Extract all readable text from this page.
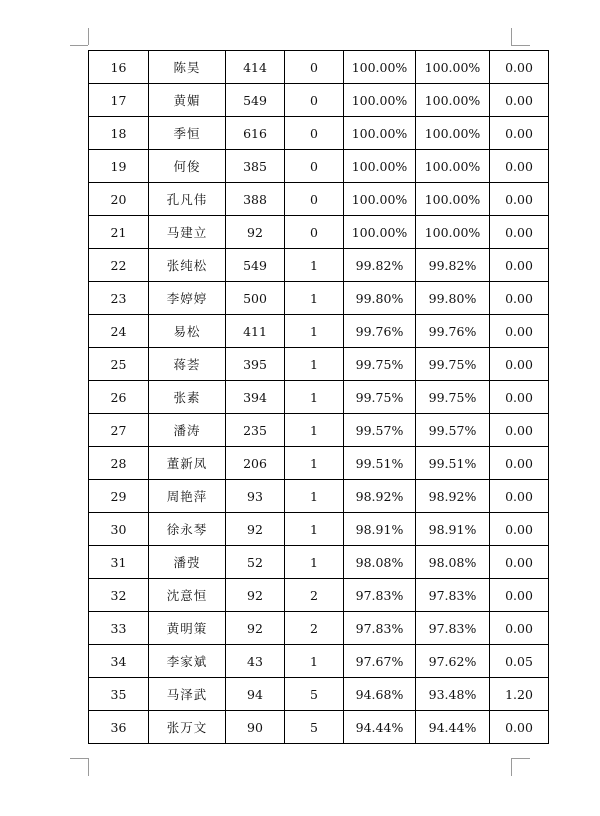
16	陈昊	414	0	100.00%	100.00%	0.00
17	黄媚	549	0	100.00%	100.00%	0.00
18	季恒	616	0	100.00%	100.00%	0.00
19	何俊	385	0	100.00%	100.00%	0.00
20	孔凡伟	388	0	100.00%	100.00%	0.00
21	马建立	92	0	100.00%	100.00%	0.00
22	张纯松	549	1	99.82%	99.82%	0.00
23	李婷婷	500	1	99.80%	99.80%	0.00
24	易松	411	1	99.76%	99.76%	0.00
25	蒋荟	395	1	99.75%	99.75%	0.00
26	张素	394	1	99.75%	99.75%	0.00
27	潘涛	235	1	99.57%	99.57%	0.00
28	董新凤	206	1	99.51%	99.51%	0.00
29	周艳萍	93	1	98.92%	98.92%	0.00
30	徐永琴	92	1	98.91%	98.91%	0.00
31	潘弢	52	1	98.08%	98.08%	0.00
32	沈意恒	92	2	97.83%	97.83%	0.00
33	黄明策	92	2	97.83%	97.83%	0.00
34	李家斌	43	1	97.67%	97.62%	0.05
35	马泽武	94	5	94.68%	93.48%	1.20
36	张万文	90	5	94.44%	94.44%	0.00
